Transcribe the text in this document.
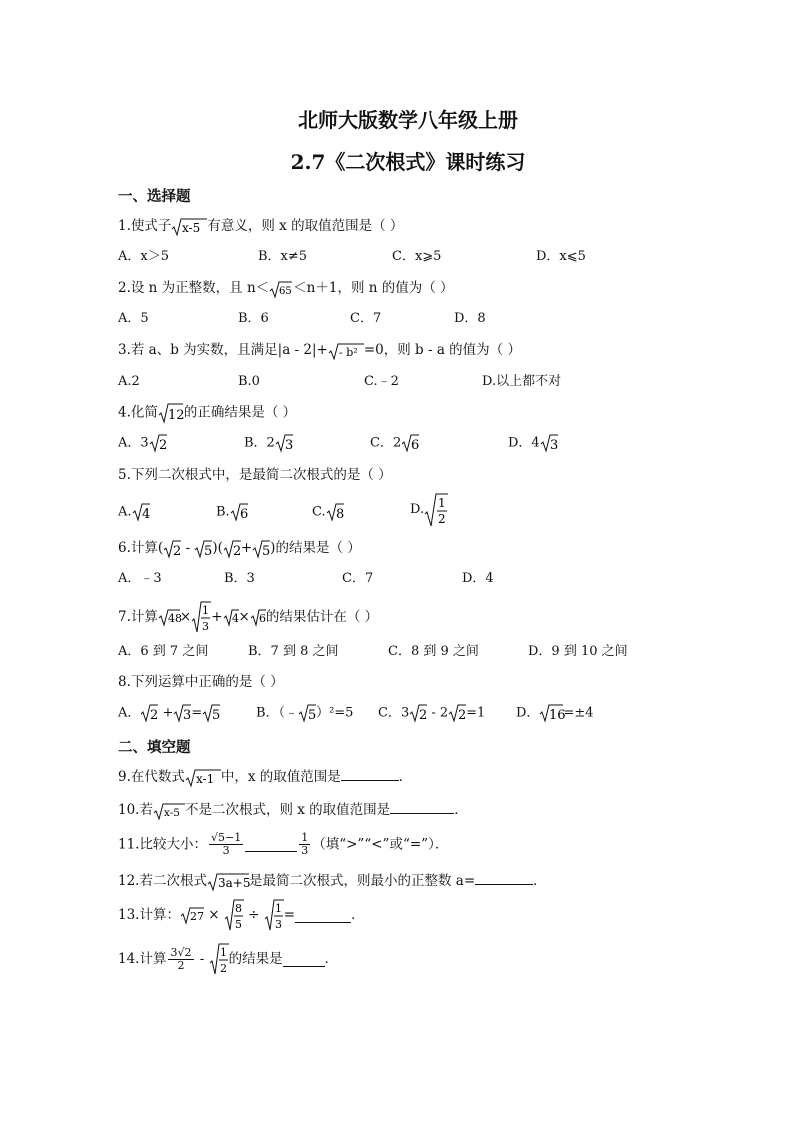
北师大版数学八年级上册
2.7《二次根式》课时练习
一、选择题
1.使式子 x-5 有意义，则 x 的取值范围是（ ）
A．x＞5	B．x≠5	C．x⩾5	D．x⩽5
2.设 n 为正整数，且 n＜ 65 ＜n＋1，则 n 的值为（ ）
A．5	B．6	C．7	D．8
3.若 a、b 为实数，且满足|a - 2|+ - b² =0，则 b - a 的值为（ ）
A.2	B.0	C.﹣2	D.以上都不对
4.化简 12 的正确结果是（ ）
A．3 2	B．2 3	C．2 6	D．4 3
5.下列二次根式中，是最简二次根式的是（ ）
A. 4	B. 6	C. 8	D. 1
2
6.计算( 2 - 5 )( 2 + 5 )的结果是（ ）
A．﹣3	B．3	C．7	D．4
7.计算 48
× 1
3
+ 4 × 6 的结果估计在（ ）
A．6 到 7 之间	B．7 到 8 之间	C．8 到 9 之间	D．9 到 10 之间
8.下列运算中正确的是（ ）
A． 2 + 3 = 5	B．（﹣ 5 ）²=5 C．3 2 - 2 2 =1 D． 16
=±4
二、填空题
9.在代数式 x-1 中，x 的取值范围是	．
10.若 x-5 不是二次根式，则 x 的取值范围是	．
11.比较大小： $\frac{√5-1}{3}$	$\frac{1}{3}$ （填“>”“<”或“=”）．
12.若二次根式 3a+5
是最简二次根式，则最小的正整数 a=	．
13.计算： 27 × 8
5
÷ 1
3
=	．
14.计算 $\frac{3√2}{2} - 1$
2
的结果是	．
